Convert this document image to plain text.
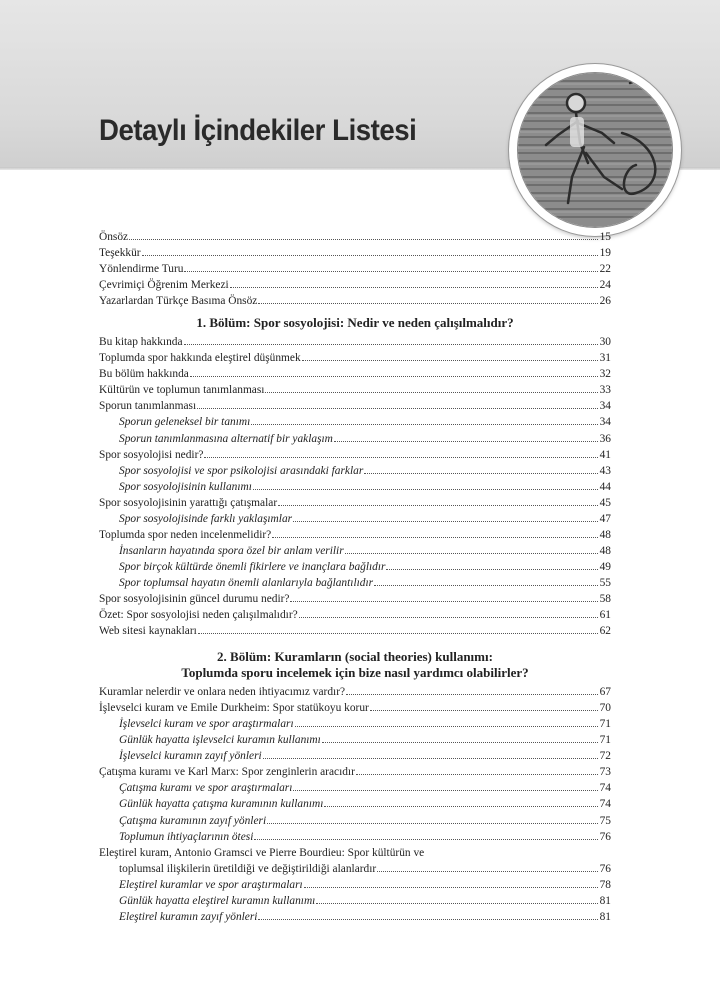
Detaylı İçindekiler Listesi
Önsöz	15
Teşekkür	19
Yönlendirme Turu	22
Çevrimiçi Öğrenim Merkezi	24
Yazarlardan Türkçe Basıma Önsöz	26
1. Bölüm: Spor sosyolojisi: Nedir ve neden çalışılmalıdır?
Bu kitap hakkında	30
Toplumda spor hakkında eleştirel düşünmek	31
Bu bölüm hakkında	32
Kültürün ve toplumun tanımlanması	33
Sporun tanımlanması	34
Sporun geleneksel bir tanımı	34
Sporun tanımlanmasına alternatif bir yaklaşım	36
Spor sosyolojisi nedir?	41
Spor sosyolojisi ve spor psikolojisi arasındaki farklar	43
Spor sosyolojisinin kullanımı	44
Spor sosyolojisinin yarattığı çatışmalar	45
Spor sosyolojisinde farklı yaklaşımlar	47
Toplumda spor neden incelenmelidir?	48
İnsanların hayatında spora özel bir anlam verilir	48
Spor birçok kültürde önemli fikirlere ve inançlara bağlıdır	49
Spor toplumsal hayatın önemli alanlarıyla bağlantılıdır	55
Spor sosyolojisinin güncel durumu nedir?	58
Özet: Spor sosyolojisi neden çalışılmalıdır?	61
Web sitesi kaynakları	62
2. Bölüm: Kuramların (social theories) kullanımı:
Toplumda sporu incelemek için bize nasıl yardımcı olabilirler?
Kuramlar nelerdir ve onlara neden ihtiyacımız vardır?	67
İşlevselci kuram ve Emile Durkheim: Spor statükoyu korur	70
İşlevselci kuram ve spor araştırmaları	71
Günlük hayatta işlevselci kuramın kullanımı	71
İşlevselci kuramın zayıf yönleri	72
Çatışma kuramı ve Karl Marx: Spor zenginlerin aracıdır	73
Çatışma kuramı ve spor araştırmaları	74
Günlük hayatta çatışma kuramının kullanımı	74
Çatışma kuramının zayıf yönleri	75
Toplumun ihtiyaçlarının ötesi	76
Eleştirel kuram, Antonio Gramsci ve Pierre Bourdieu: Spor kültürün ve
toplumsal ilişkilerin üretildiği ve değiştirildiği alanlardır	76
Eleştirel kuramlar ve spor araştırmaları	78
Günlük hayatta eleştirel kuramın kullanımı	81
Eleştirel kuramın zayıf yönleri	81
